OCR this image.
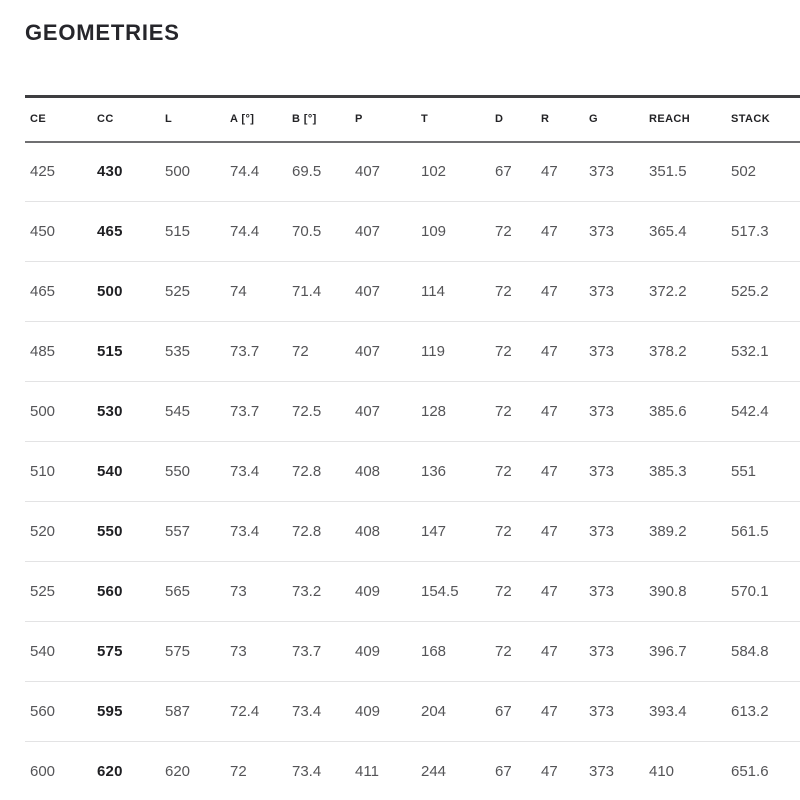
GEOMETRIES
CE	CC	L	A [°]	B [°]	P	T	D	R	G	REACH	STACK
425	430	500	74.4	69.5	407	102	67	47	373	351.5	502
450	465	515	74.4	70.5	407	109	72	47	373	365.4	517.3
465	500	525	74	71.4	407	114	72	47	373	372.2	525.2
485	515	535	73.7	72	407	119	72	47	373	378.2	532.1
500	530	545	73.7	72.5	407	128	72	47	373	385.6	542.4
510	540	550	73.4	72.8	408	136	72	47	373	385.3	551
520	550	557	73.4	72.8	408	147	72	47	373	389.2	561.5
525	560	565	73	73.2	409	154.5	72	47	373	390.8	570.1
540	575	575	73	73.7	409	168	72	47	373	396.7	584.8
560	595	587	72.4	73.4	409	204	67	47	373	393.4	613.2
600	620	620	72	73.4	411	244	67	47	373	410	651.6
